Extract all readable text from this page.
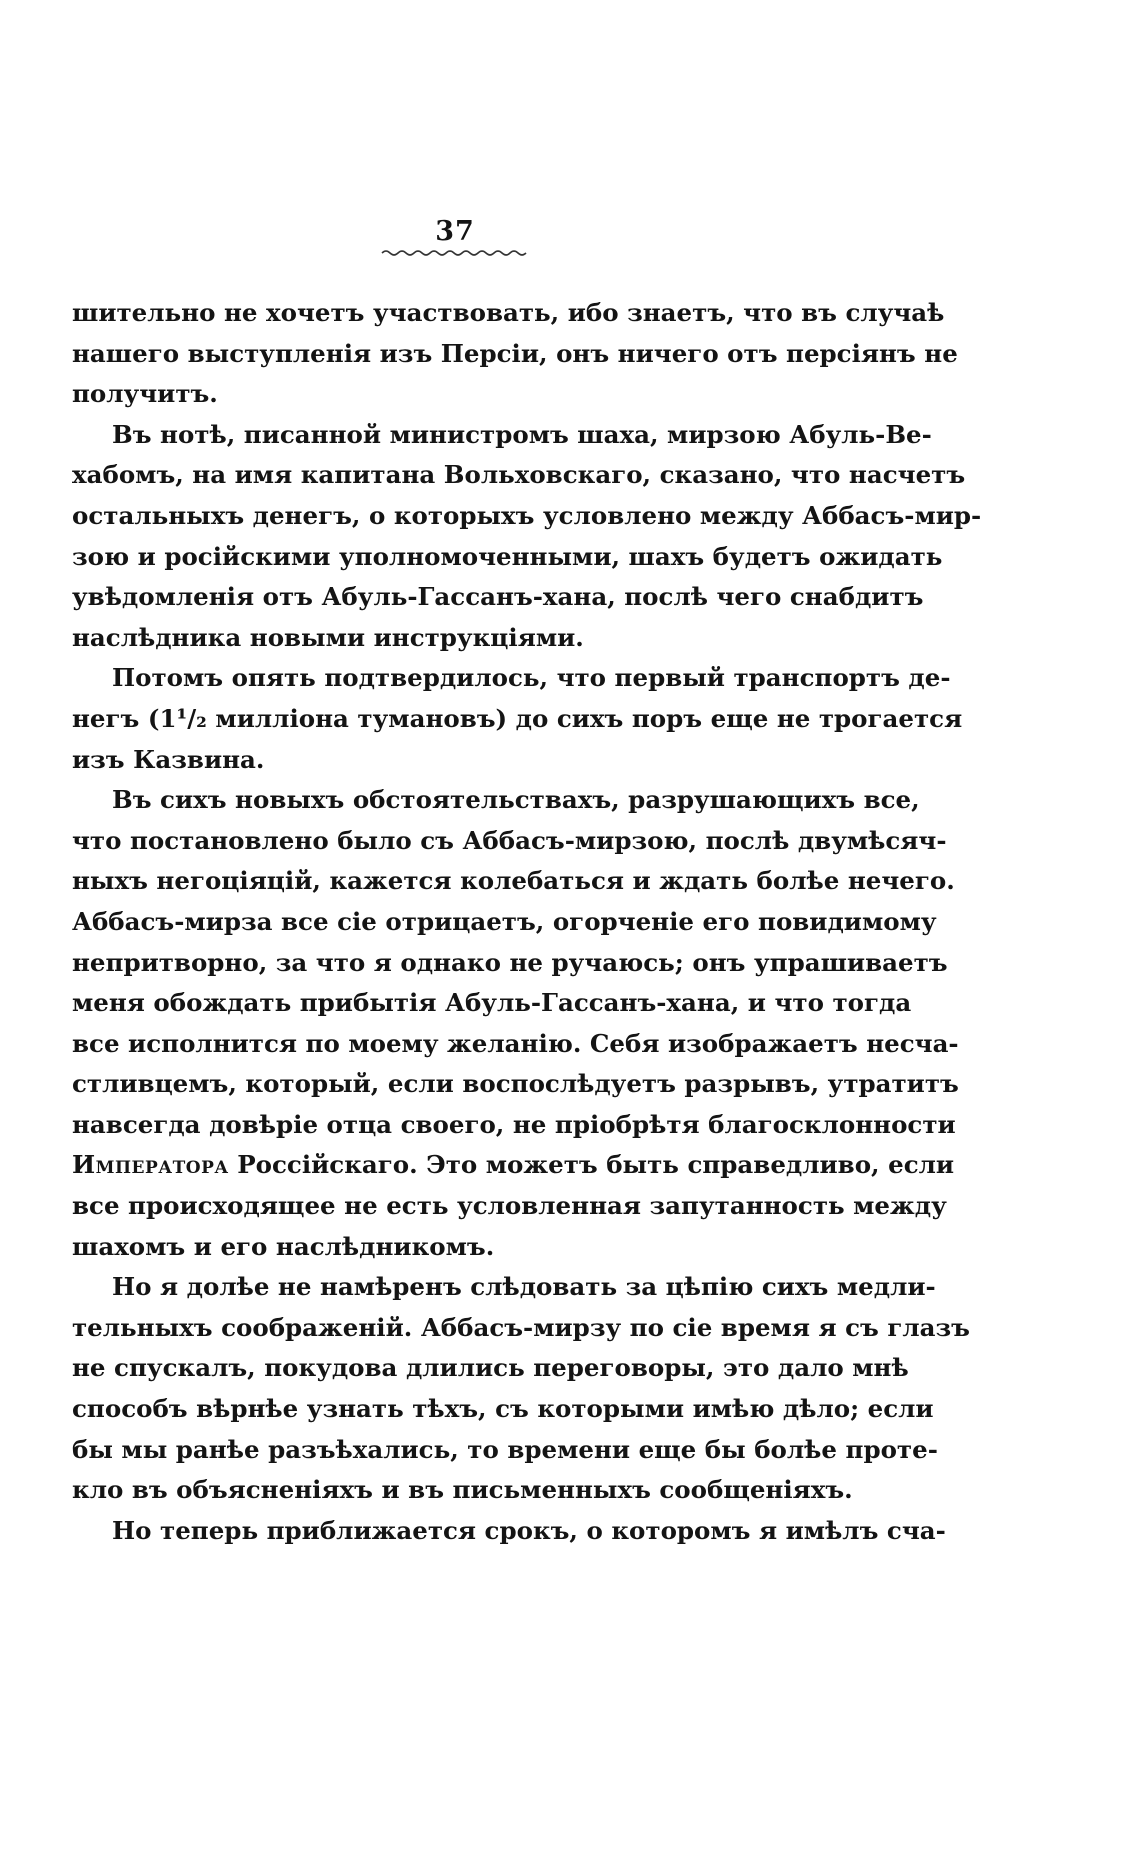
37
шительно не хочетъ участвовать, ибо знаетъ, что въ случаѣ
нашего выступленія изъ Персіи, онъ ничего отъ персіянъ не
получитъ.
Въ нотѣ, писанной министромъ шаха, мирзою Абуль-Ве-
хабомъ, на имя капитана Вольховскаго, сказано, что насчетъ
остальныхъ денегъ, о которыхъ условлено между Аббасъ-мир-
зою и російскими уполномоченными, шахъ будетъ ожидать
увѣдомленія отъ Абуль-Гассанъ-хана, послѣ чего снабдитъ
наслѣдника новыми инструкціями.
Потомъ опять подтвердилось, что первый транспортъ де-
негъ (1¹/₂ милліона тумановъ) до сихъ поръ еще не трогается
изъ Казвина.
Въ сихъ новыхъ обстоятельствахъ, разрушающихъ все,
что постановлено было съ Аббасъ-мирзою, послѣ двумѣсяч-
ныхъ негоціяцій, кажется колебаться и ждать болѣе нечего.
Аббасъ-мирза все сіе отрицаетъ, огорченіе его повидимому
непритворно, за что я однако не ручаюсь; онъ упрашиваетъ
меня обождать прибытія Абуль-Гассанъ-хана, и что тогда
все исполнится по моему желанію. Себя изображаетъ несча-
стливцемъ, который, если воспослѣдуетъ разрывъ, утратитъ
навсегда довѣріе отца своего, не пріобрѣтя благосклонности
Императора Россійскаго. Это можетъ быть справедливо, если
все происходящее не есть условленная запутанность между
шахомъ и его наслѣдникомъ.
Но я долѣе не намѣренъ слѣдовать за цѣпію сихъ медли-
тельныхъ соображеній. Аббасъ-мирзу по сіе время я съ глазъ
не спускалъ, покудова длились переговоры, это дало мнѣ
способъ вѣрнѣе узнать тѣхъ, съ которыми имѣю дѣло; если
бы мы ранѣе разъѣхались, то времени еще бы болѣе проте-
кло въ объясненіяхъ и въ письменныхъ сообщеніяхъ.
Но теперь приближается срокъ, о которомъ я имѣлъ сча-
